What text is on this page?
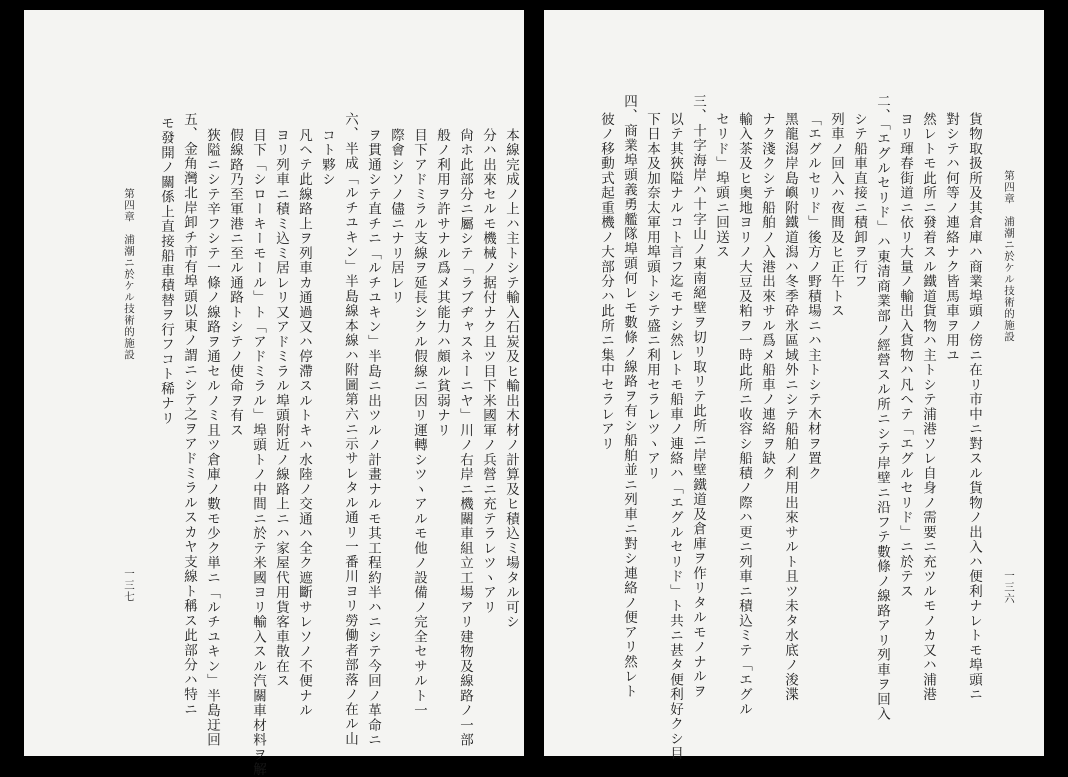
第四章　浦潮ニ於ケル技術的施設
一三七
モ發開ノ關係上直接船車積替ヲ行フコト稀ナリ 五、金角灣北岸卸チ市有埠頭以東ノ謂ニシテ之ヲアドミラルスカヤ支線ト稱ス此部分ハ特ニ 狹隘ニシテ辛フシテ一條ノ線路ヲ通セルノミ且ツ倉庫ノ數モ少ク単ニ「ルチユキン」半島迂回 假線路乃至軍港ニ至ル通路トシテノ使命ヲ有ス 目下「シローキーモール」ト「アドミラル」埠頭トノ中間ニ於テ米國ヨリ輸入スル汽關車材料ヲ解 ヨリ列車ニ積ミ込ミ居レリ又アドミラル埠頭附近ノ線路上ニハ家屋代用貨客車散在ス 凡ヘテ此線路上ヲ列車カ通過又ハ停滯スルトキハ水陸ノ交通ハ全ク遮斷サレソノ不便ナル コト夥シ 六、半成「ルチユキン」半島線本線ハ附圖第六ニ示サレタル通リ一番川ヨリ勞働者部落ノ在ル山 ヲ貫通シテ直チニ「ルチユキン」半島ニ出ツルノ計畫ナルモ其工程約半ハニシテ今回ノ革命ニ 際會シソノ儘ニナリ居レリ 目下アドミラル支線ヲ延長シクル假線ニ因リ運轉シツヽアルモ他ノ設備ノ完全セサルト一 般ノ利用ヲ許サナル爲メ其能力ハ頗ル貧弱ナリ 尙ホ此部分ニ屬シテ「ラブヂャスネーニヤ」川ノ右岸ニ機關車組立工場アリ建物及線路ノ一部 分ハ出來セルモ機械ノ据付ナク且ツ目下米國軍ノ兵營ニ充テラレツヽアリ 本線完成ノ上ハ主トシテ輸入石炭及ヒ輸出木材ノ計算及ヒ積込ミ場タル可シ	第四章　浦潮ニ於ケル技術的施設
一三六
貨物取扱所及其倉庫ハ商業埠頭ノ傍ニ在リ市中ニ對スル貨物ノ出入ハ便利ナレトモ埠頭ニ
對シテハ何等ノ連絡ナク皆馬車ヲ用ユ
然レトモ此所ニ發着スル鐵道貨物ハ主トシテ浦港ソレ自身ノ需要ニ充ツルモノカ又ハ浦港
ヨリ琿春街道ニ依リ大量ノ輸出入貨物ハ凡ヘテ「エグルセリド」ニ於テス
二、「エグルセリド」ハ東清商業部ノ經營スル所ニシテ岸壁ニ沿フテ數條ノ線路アリ列車ヲ回入
シテ船車直接ニ積卸ヲ行フ
列車ノ回入ハ夜間及ヒ正午トス
「エグルセリド」後方ノ野積場ニハ主トシテ木材ヲ置ク
黑龍潟岸島嶼附鐵道潟ハ冬季砕氷區域外ニシテ船舶ノ利用出來サルト且ツ未タ水底ノ浚渫
ナク淺クシテ船舶ノ入港出來サル爲メ船車ノ連絡ヲ缺ク
輸入茶及ヒ奥地ヨリノ大豆及粕ヲ一時此所ニ收容シ船積ノ際ハ更ニ列車ニ積込ミテ「エグル
セリド」埠頭ニ回送ス
三、十字海岸ハ十字山ノ東南絕壁ヲ切リ取リテ此所ニ岸壁鐵道及倉庫ヲ作リタルモノナルヲ
以テ其狹隘ナルコト言フ迄モナシ然レトモ船車ノ連絡ハ「エグルセリド」ト共ニ甚タ便利好クシ目
下日本及加奈太軍用埠頭トシテ盛ニ利用セラレツヽアリ
四、商業埠頭義勇艦隊埠頭何レモ數條ノ線路ヲ有シ船舶並ニ列車ニ對シ連絡ノ便アリ然レト
彼ノ移動式起重機ノ大部分ハ此所ニ集中セラレアリ
